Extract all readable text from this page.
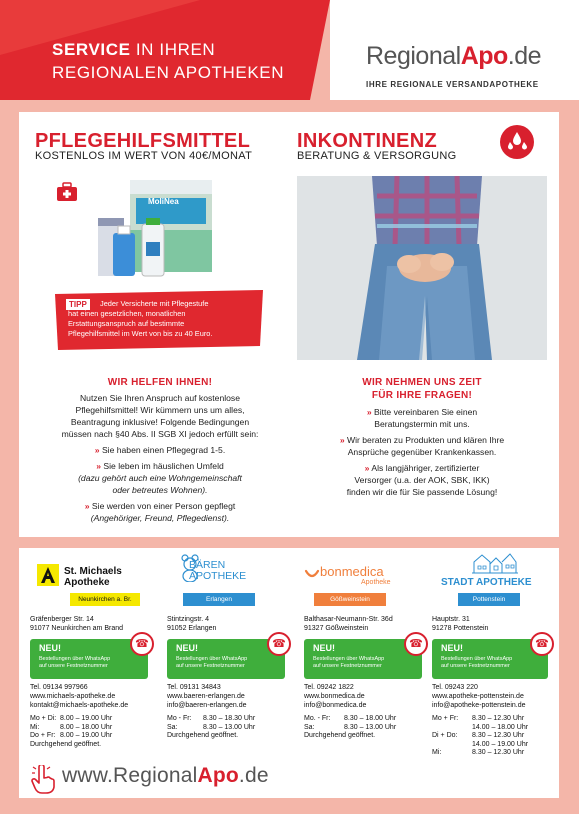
SERVICE IN IHREN
REGIONALEN APOTHEKEN
RegionalApo.de
IHRE REGIONALE VERSANDAPOTHEKE
PFLEGEHILFSMITTEL
KOSTENLOS IM WERT VON 40€/MONAT
MoliNea
TIPP	Jeder Versicherte mit Pflegestufe
hat einen gesetzlichen, monatlichen
Erstattungsanspruch auf bestimmte
Pflegehilfsmittel im Wert von bis zu 40 Euro.
WIR HELFEN IHNEN!

Nutzen Sie Ihren Anspruch auf kostenlose
Pflegehilfsmittel! Wir kümmern uns um alles,
Beantragung inklusive! Folgende Bedingungen
müssen nach §40 Abs. II SGB XI jedoch erfüllt sein:

» Sie haben einen Pflegegrad 1-5.

» Sie leben im häuslichen Umfeld
(dazu gehört auch eine Wohngemeinschaft
oder betreutes Wohnen).

» Sie werden von einer Person gepflegt
(Angehöriger, Freund, Pflegedienst).

INKONTINENZ
BERATUNG & VERSORGUNG
WIR NEHMEN UNS ZEIT
FÜR IHRE FRAGEN!

» Bitte vereinbaren Sie einen
Beratungstermin mit uns.

» Wir beraten zu Produkten und klären Ihre
Ansprüche gegenüber Krankenkassen.

» Als langjähriger, zertifizierter
Versorger (u.a. der AOK, SBK, IKK)
finden wir die für Sie passende Lösung!

St. Michaels
Apotheke
Neunkirchen a. Br.
Gräfenberger Str. 14
91077 Neunkirchen am Brand
NEU!
Bestellungen über WhatsApp
auf unsere Festnetznummer
☎
Tel. 09134 997966
www.michaels-apotheke.de
kontakt@michaels-apotheke.de
Mo + Di:	8.00 – 19.00 Uhr
Mi:	8.00 – 18.00 Uhr
Do + Fr:	8.00 – 19.00 Uhr
Durchgehend geöffnet.	
BÄREN
APOTHEKE
Erlangen
Stintzingstr. 4
91052 Erlangen
NEU!
Bestellungen über WhatsApp
auf unsere Festnetznummer
☎
Tel. 09131 34843
www.baeren-erlangen.de
info@baeren-erlangen.de
Mo - Fr:	8.30 – 18.30 Uhr
Sa:	8.30 – 13.00 Uhr
Durchgehend geöffnet.	
bonmedica
Apotheke
Gößweinstein
Balthasar-Neumann-Str. 36d
91327 Gößweinstein
NEU!
Bestellungen über WhatsApp
auf unsere Festnetznummer
☎
Tel. 09242 1822
www.bonmedica.de
info@bonmedica.de
Mo. - Fr:	8.30 – 18.00 Uhr
Sa:	8.30 – 13.00 Uhr
Durchgehend geöffnet.	
STADT APOTHEKE
Pottenstein
Hauptstr. 31
91278 Pottenstein
NEU!
Bestellungen über WhatsApp
auf unsere Festnetznummer
☎
Tel. 09243 220
www.apotheke-pottenstein.de
info@apotheke-pottenstein.de
Mo + Fr:	8.30 – 12.30 Uhr
	14.00 – 18.00 Uhr
Di + Do:	8.30 – 12.30 Uhr
	14.00 – 19.00 Uhr
Mi:	8.30 – 12.30 Uhr
www.RegionalApo.de
